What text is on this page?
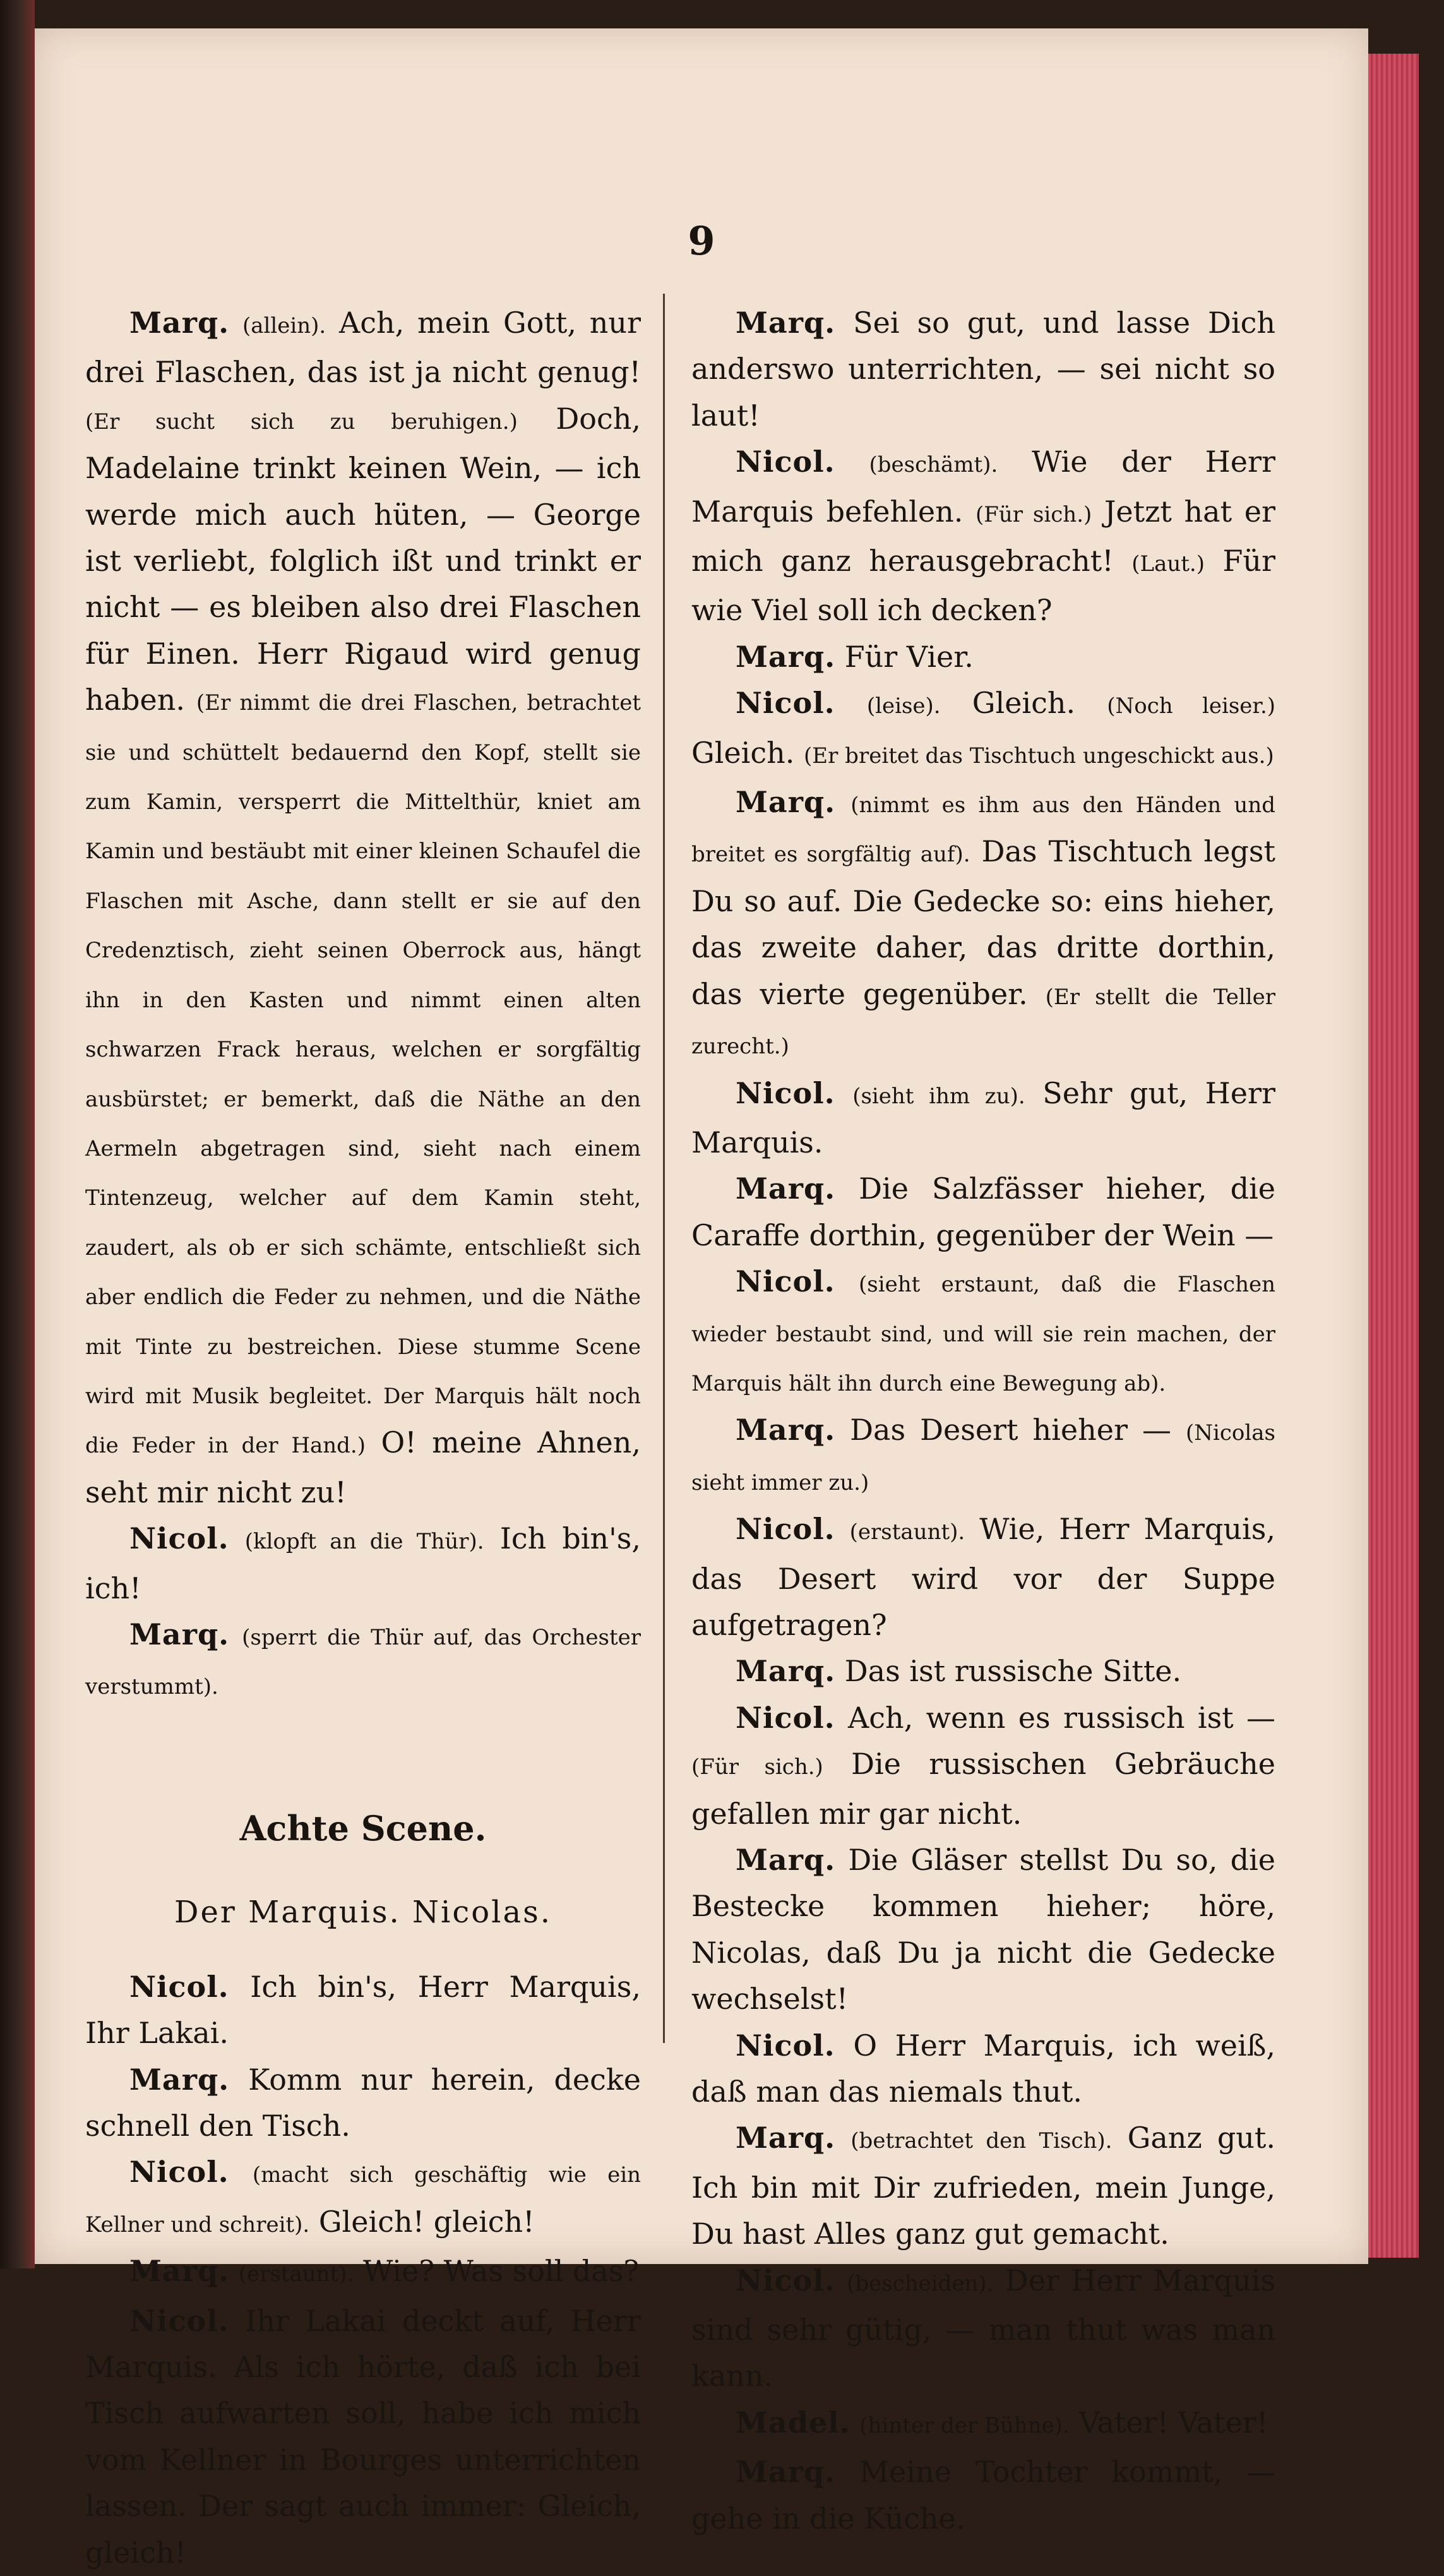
9

Marq. (allein). Ach, mein Gott, nur drei Flaschen, das ist ja nicht genug! (Er sucht sich zu beruhigen.) Doch, Madelaine trinkt keinen Wein, — ich werde mich auch hüten, — George ist verliebt, folglich ißt und trinkt er nicht — es bleiben also drei Flaschen für Einen. Herr Rigaud wird genug haben. (Er nimmt die drei Flaschen, betrachtet sie und schüttelt bedauernd den Kopf, stellt sie zum Kamin, versperrt die Mittelthür, kniet am Kamin und bestäubt mit einer kleinen Schaufel die Flaschen mit Asche, dann stellt er sie auf den Credenztisch, zieht seinen Oberrock aus, hängt ihn in den Kasten und nimmt einen alten schwarzen Frack heraus, welchen er sorgfältig ausbürstet; er bemerkt, daß die Näthe an den Aermeln abgetragen sind, sieht nach einem Tintenzeug, welcher auf dem Kamin steht, zaudert, als ob er sich schämte, entschließt sich aber endlich die Feder zu nehmen, und die Näthe mit Tinte zu bestreichen. Diese stumme Scene wird mit Musik begleitet. Der Marquis hält noch die Feder in der Hand.) O! meine Ahnen, seht mir nicht zu!

Nicol. (klopft an die Thür). Ich bin's, ich!

Marq. (sperrt die Thür auf, das Orchester verstummt).

Achte Scene.
Der Marquis. Nicolas.

Nicol. Ich bin's, Herr Marquis, Ihr Lakai.

Marq. Komm nur herein, decke schnell den Tisch.

Nicol. (macht sich geschäftig wie ein Kellner und schreit). Gleich! gleich!

Marq. (erstaunt). Wie? Was soll das?

Nicol. Ihr Lakai deckt auf, Herr Marquis. Als ich hörte, daß ich bei Tisch aufwarten soll, habe ich mich vom Kellner in Bourges unterrichten lassen. Der sagt auch immer: Gleich, gleich!

Marq. Sei so gut, und lasse Dich anderswo unterrichten, — sei nicht so laut!

Nicol. (beschämt). Wie der Herr Marquis befehlen. (Für sich.) Jetzt hat er mich ganz herausgebracht! (Laut.) Für wie Viel soll ich decken?

Marq. Für Vier.

Nicol. (leise). Gleich. (Noch leiser.) Gleich. (Er breitet das Tischtuch ungeschickt aus.)

Marq. (nimmt es ihm aus den Händen und breitet es sorgfältig auf). Das Tischtuch legst Du so auf. Die Gedecke so: eins hieher, das zweite daher, das dritte dorthin, das vierte gegenüber. (Er stellt die Teller zurecht.)

Nicol. (sieht ihm zu). Sehr gut, Herr Marquis.

Marq. Die Salzfässer hieher, die Caraffe dorthin, gegenüber der Wein —

Nicol. (sieht erstaunt, daß die Flaschen wieder bestaubt sind, und will sie rein machen, der Marquis hält ihn durch eine Bewegung ab).

Marq. Das Desert hieher — (Nicolas sieht immer zu.)

Nicol. (erstaunt). Wie, Herr Marquis, das Desert wird vor der Suppe aufgetragen?

Marq. Das ist russische Sitte.

Nicol. Ach, wenn es russisch ist — (Für sich.) Die russischen Gebräuche gefallen mir gar nicht.

Marq. Die Gläser stellst Du so, die Bestecke kommen hieher; höre, Nicolas, daß Du ja nicht die Gedecke wechselst!

Nicol. O Herr Marquis, ich weiß, daß man das niemals thut.

Marq. (betrachtet den Tisch). Ganz gut. Ich bin mit Dir zufrieden, mein Junge, Du hast Alles ganz gut gemacht.

Nicol. (bescheiden). Der Herr Marquis sind sehr gütig, — man thut was man kann.

Madel. (hinter der Bühne). Vater! Vater!

Marq. Meine Tochter kommt, — gehe in die Küche.
